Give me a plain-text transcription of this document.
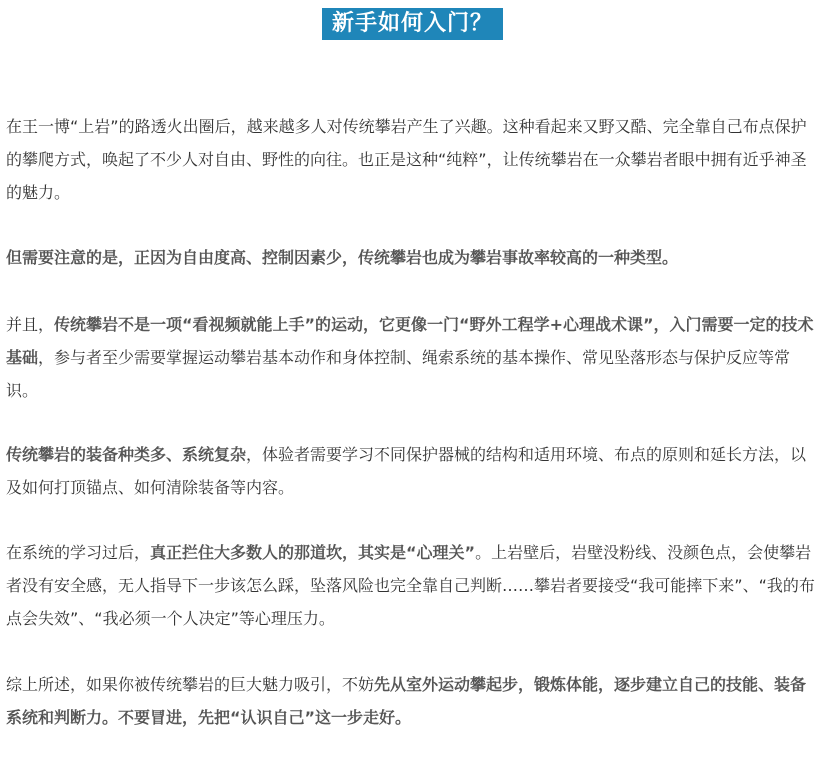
新手如何入门？

在王一博“上岩”的路透火出圈后，越来越多人对传统攀岩产生了兴趣。这种看起来又野又酷、完全靠自己布点保护的攀爬方式，唤起了不少人对自由、野性的向往。也正是这种“纯粹”，让传统攀岩在一众攀岩者眼中拥有近乎神圣的魅力。

但需要注意的是，正因为自由度高、控制因素少，传统攀岩也成为攀岩事故率较高的一种类型。

并且，传统攀岩不是一项“看视频就能上手”的运动，它更像一门“野外工程学+心理战术课”，入门需要一定的技术基础，参与者至少需要掌握运动攀岩基本动作和身体控制、绳索系统的基本操作、常见坠落形态与保护反应等常识。

传统攀岩的装备种类多、系统复杂，体验者需要学习不同保护器械的结构和适用环境、布点的原则和延长方法，以及如何打顶锚点、如何清除装备等内容。

在系统的学习过后，真正拦住大多数人的那道坎，其实是“心理关”。上岩壁后，岩壁没粉线、没颜色点，会使攀岩者没有安全感，无人指导下一步该怎么踩，坠落风险也完全靠自己判断……攀岩者要接受“我可能摔下来”、“我的布点会失效”、“我必须一个人决定”等心理压力。

综上所述，如果你被传统攀岩的巨大魅力吸引，不妨先从室外运动攀起步，锻炼体能，逐步建立自己的技能、装备系统和判断力。不要冒进，先把“认识自己”这一步走好。
